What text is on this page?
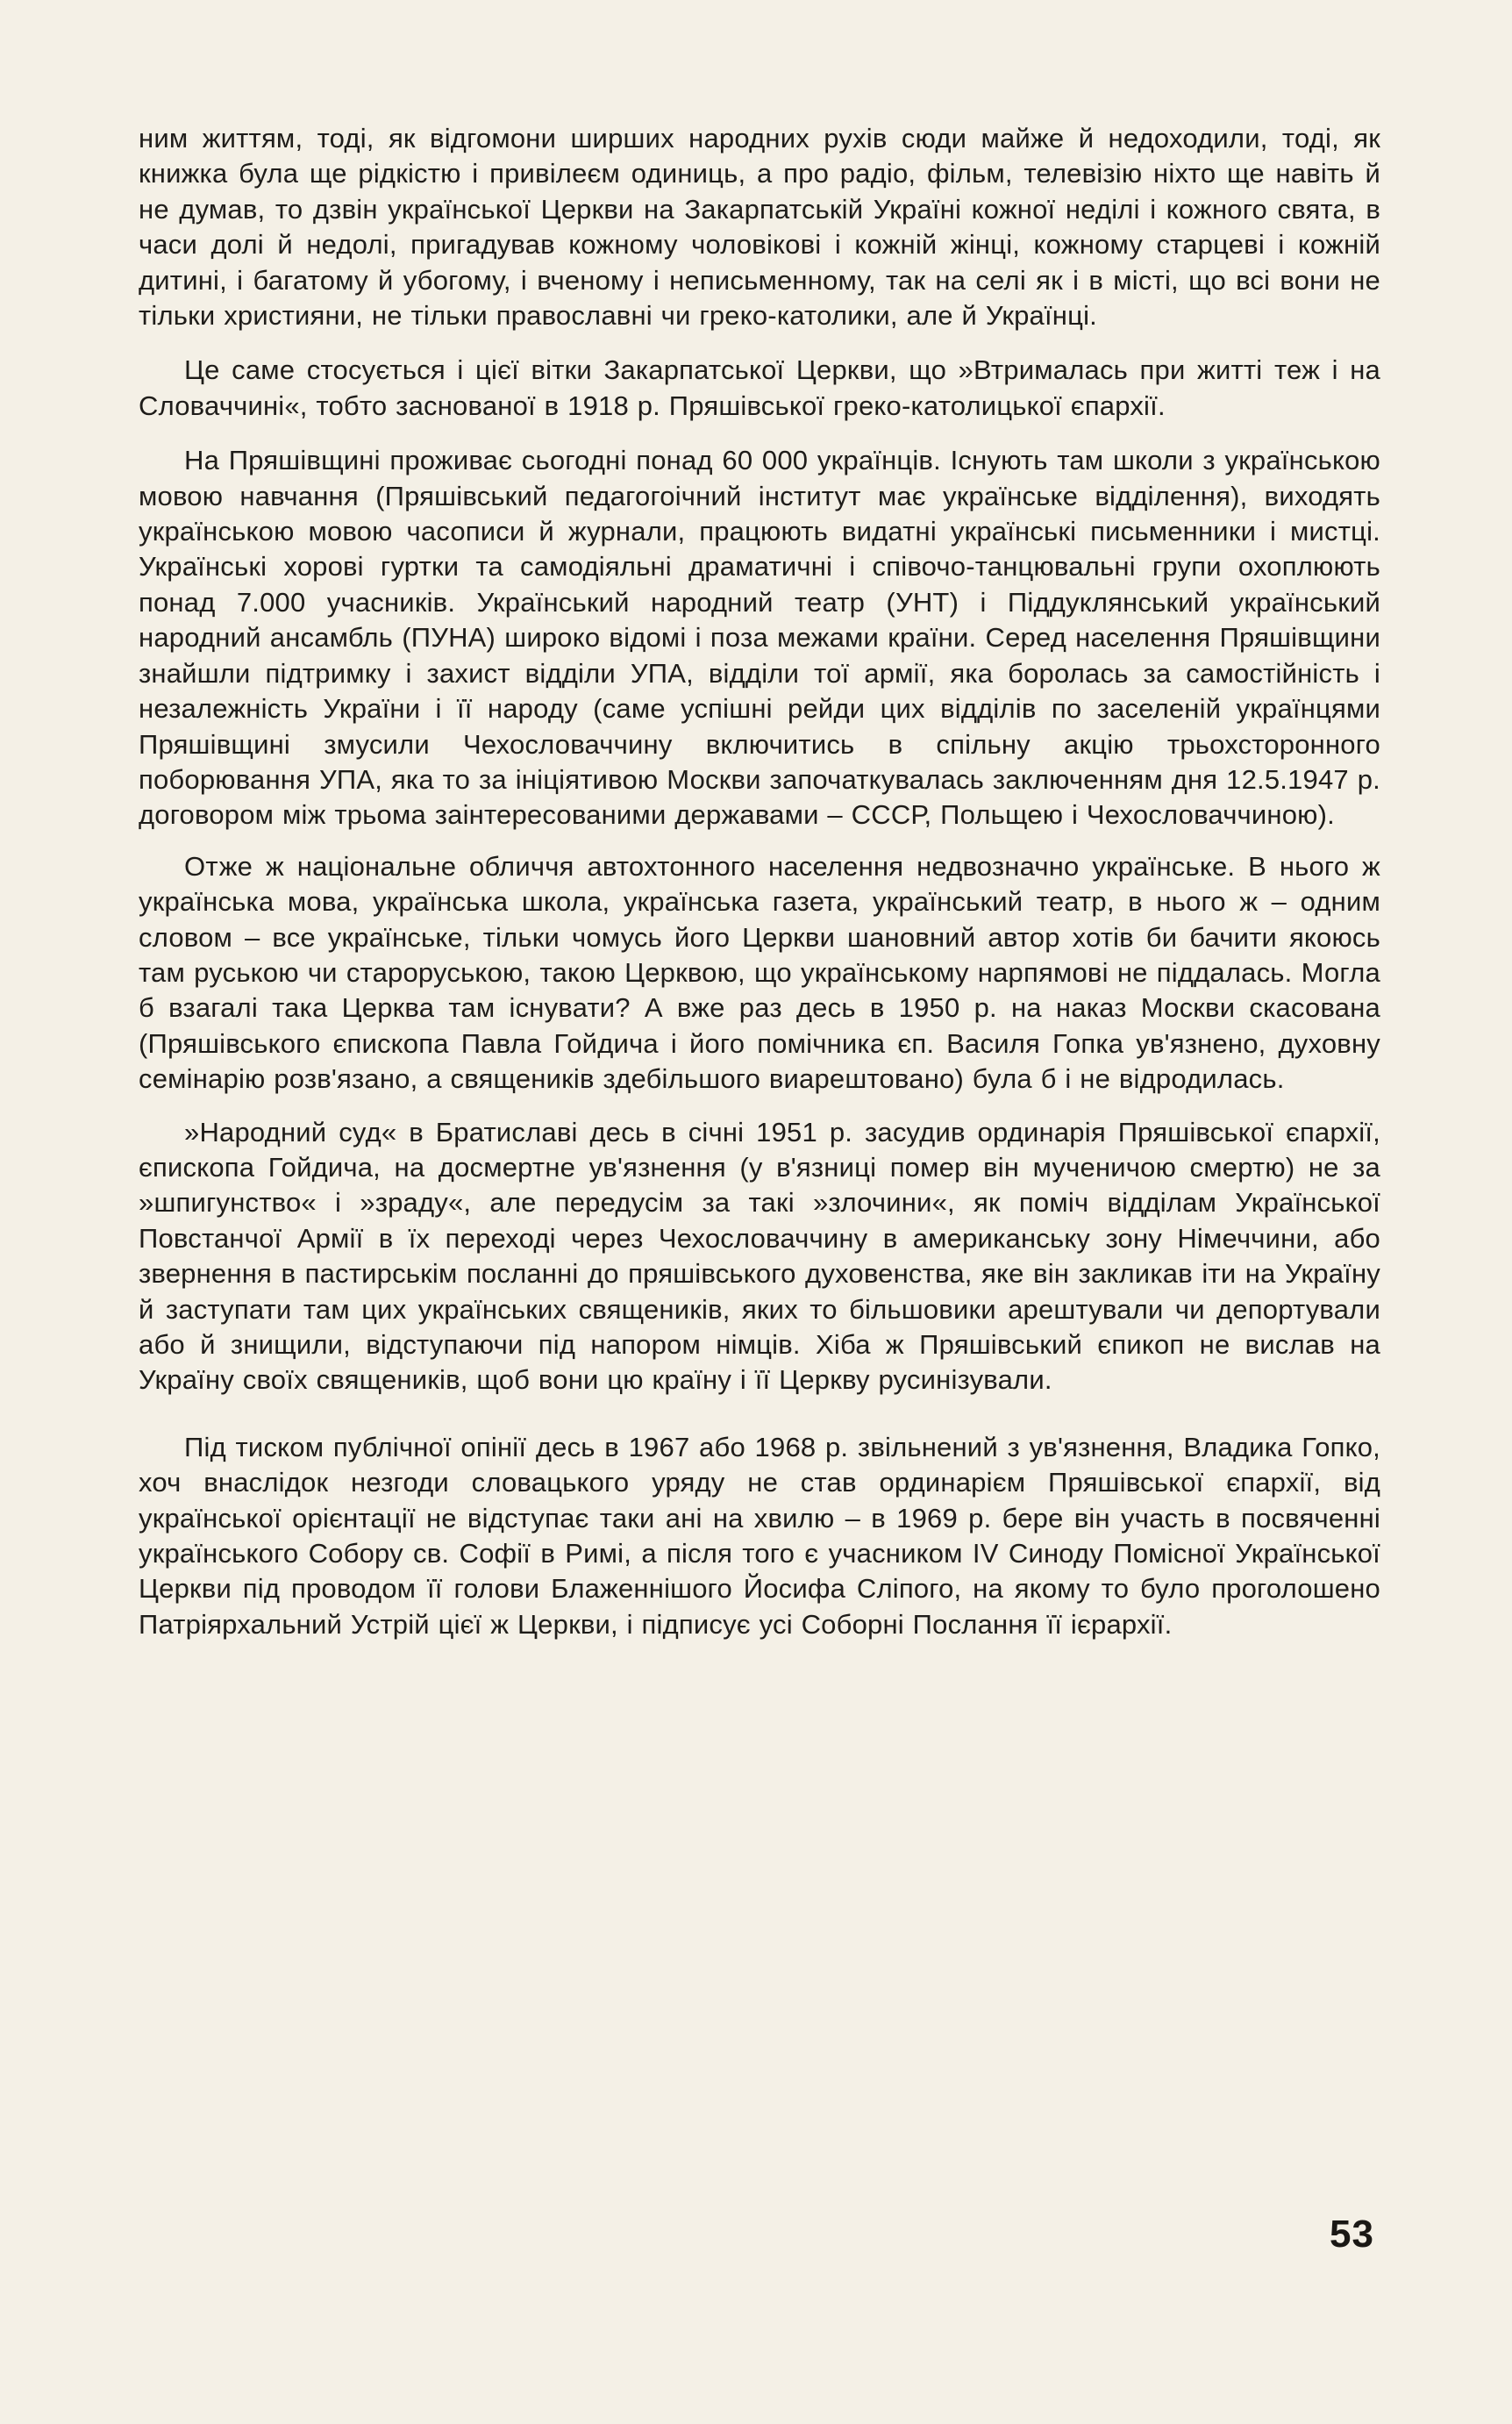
ним життям, тоді, як відгомони ширших народних рухів сюди майже й недоходили, тоді, як книжка була ще рідкістю і привілеєм одиниць, а про радіо, фільм, телевізію ніхто ще навіть й не думав, то дзвін української Церкви на Закарпатській Україні кожної неділі і кожного свята, в часи долі й недолі, пригадував кожному чоловікові і кожній жінці, кожному старцеві і кожній дитині, і багатому й убогому, і вченому і неписьменному, так на селі як і в місті, що всі вони не тільки християни, не тільки православні чи греко-католики, але й Українці.

Це саме стосується і цієї вітки Закарпатської Церкви, що »Втрималась при житті теж і на Словаччині«, тобто заснованої в 1918 р. Пряшівської греко-католицької єпархії.

На Пряшівщині проживає сьогодні понад 60 000 українців. Існують там школи з українською мовою навчання (Пряшівський педагогоічний інститут має українське відділення), виходять українською мовою часописи й журнали, працюють видатні українські письменники і мистці. Українські хорові гуртки та самодіяльні драматичні і співочо-танцювальні групи охоплюють понад 7.000 учасників. Український народний театр (УНТ) і Піддуклянський український народний ансамбль (ПУНА) широко відомі і поза межами країни. Серед населення Пряшівщини знайшли підтримку і захист відділи УПА, відділи тої армії, яка боролась за самостійність і незалежність України і її народу (саме успішні рейди цих відділів по заселеній українцями Пряшівщині змусили Чехословаччину включитись в спільну акцію трьохсторонного поборювання УПА, яка то за ініціятивою Москви започаткувалась заключенням дня 12.5.1947 р. договором між трьома заінтересованими державами – СССР, Польщею і Чехословаччиною).

Отже ж національне обличчя автохтонного населення недвозначно українське. В нього ж українська мова, українська школа, українська газета, український театр, в нього ж – одним словом – все українське, тільки чомусь його Церкви шановний автор хотів би бачити якоюсь там руською чи староруською, такою Церквою, що українському нарпямові не піддалась. Могла б взагалі така Церква там існувати? А вже раз десь в 1950 р. на наказ Москви скасована (Пряшівського єпископа Павла Гойдича і його помічника єп. Василя Гопка ув'язнено, духовну семінарію розв'язано, а священиків здебільшого виарештовано) була б і не відродилась.

»Народний суд« в Братиславі десь в січні 1951 р. засудив ординарія Пряшівської єпархії, єпископа Гойдича, на досмертне ув'язнення (у в'язниці помер він мученичою смертю) не за »шпигунство« і »зраду«, але передусім за такі »злочини«, як поміч відділам Української Повстанчої Армії в їх переході через Чехословаччину в американську зону Німеччини, або звернення в пастирськім посланні до пряшівського духовенства, яке він закликав іти на Україну й заступати там цих українських священиків, яких то більшовики арештували чи депортували або й знищили, відступаючи під напором німців. Хіба ж Пряшівський єпикоп не вислав на Україну своїх священиків, щоб вони цю країну і її Церкву русинізували.

Під тиском публічної опінії десь в 1967 або 1968 р. звільнений з ув'язнення, Владика Гопко, хоч внаслідок незгоди словацького уряду не став ординарієм Пряшівської єпархії, від української орієнтації не відступає таки ані на хвилю – в 1969 р. бере він участь в посвяченні українського Собору св. Софії в Римі, а після того є учасником IV Синоду Помісної Української Церкви під проводом її голови Блаженнішого Йосифа Сліпого, на якому то було проголошено Патріярхальний Устрій цієї ж Церкви, і підписує усі Соборні Послання її ієрархії.

53
